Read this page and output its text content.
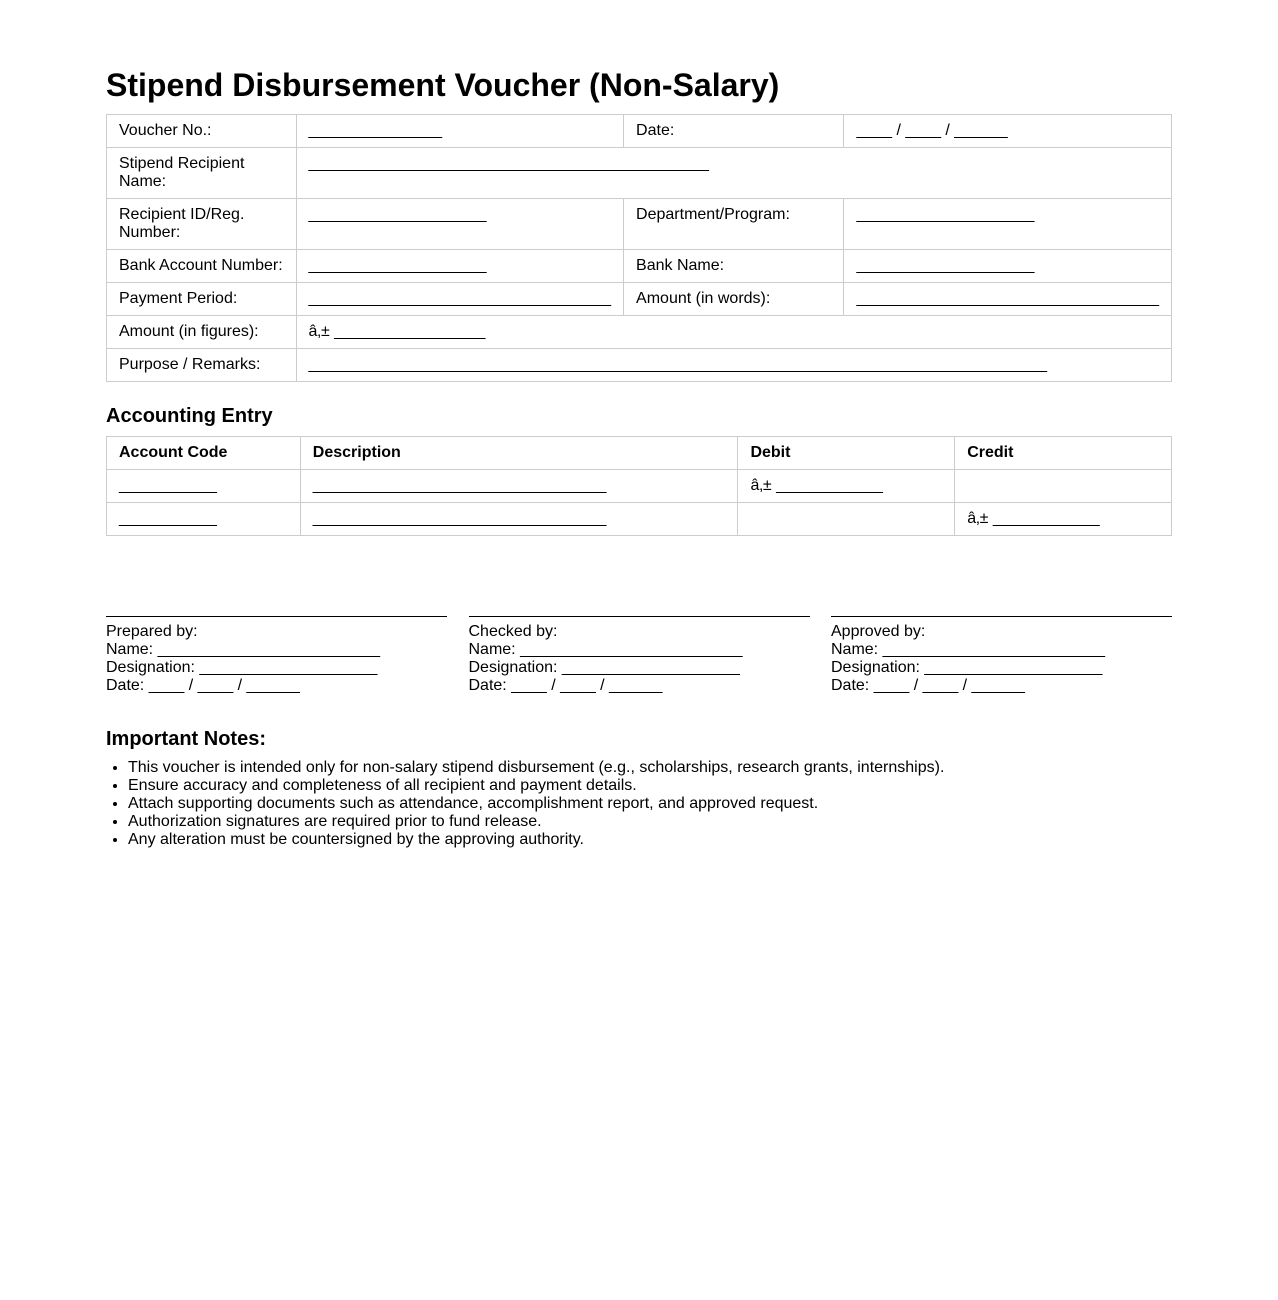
Stipend Disbursement Voucher (Non-Salary)
Voucher No.:	_______________	Date:	____ / ____ / ______
Stipend Recipient Name:	_____________________________________________		
Recipient ID/Reg. Number:	____________________	Department/Program:	____________________
Bank Account Number:	____________________	Bank Name:	____________________
Payment Period:	__________________________________	Amount (in words):	__________________________________
Amount (in figures):	â‚± _________________		
Purpose / Remarks:	___________________________________________________________________________________		
Accounting Entry
Account Code	Description	Debit	Credit
___________	_________________________________	â‚± ____________	
___________	_________________________________		â‚± ____________
Prepared by:
Name: _________________________
Designation: ____________________
Date: ____ / ____ / ______
Checked by:
Name: _________________________
Designation: ____________________
Date: ____ / ____ / ______
Approved by:
Name: _________________________
Designation: ____________________
Date: ____ / ____ / ______
Important Notes:
• This voucher is intended only for non-salary stipend disbursement (e.g., scholarships, research grants, internships).
• Ensure accuracy and completeness of all recipient and payment details.
• Attach supporting documents such as attendance, accomplishment report, and approved request.
• Authorization signatures are required prior to fund release.
• Any alteration must be countersigned by the approving authority.
